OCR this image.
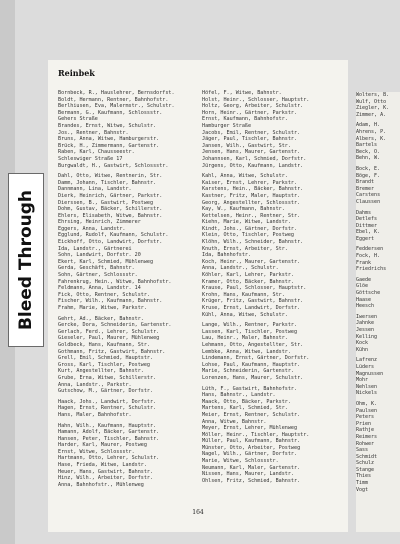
Bleed Through
Reinbek
Bornbeck, R., Hauslehrer, Bernsdorfst.
Boldt, Hermann, Rentner, Bahnhofstr.
Berlhiusen, Eva, Malermstr., Schulstr.
Bermann, G., Kaufmann, Schlossstr.
Gehers Straße
Brandes, Ernst, Witwe, Schulstr.
Jos., Rentner, Bahnstr.
Bruns, Anna, Witwe, Hamburgerstr.
Brück, H., Zimmermann, Gartenstr.
Raben, Karl, Chausseestr.
Schleswiger Straße 17
Burgwaldt, H., Gastwirt, Schlossstr.
Dahl, Otto, Witwe, Rentnerin, Str.
Damm, Johann, Tischler, Bahnstr.
Dannmann, Lina, Landstr.
Dierk, Heinrich, Gärtner, Parkstr.
Dierssen, B., Gastwirt, Postweg
Dohm, Gustav, Bäcker, Schillerstr.
Ehlers, Elisabeth, Witwe, Bahnstr.
Ehrsing, Heinrich, Zimmerer
Eggers, Anna, Landstr.
Egglund, Rudolf, Kaufmann, Schulstr.
Eickhoff, Otto, Landwirt, Dorfstr.
Ida, Landstr., Gärtnerei
Sohn, Landwirt, Dorfstr. 20
Ekert, Karl, Schmied, Mühlenweg
Gerda, Geschäft, Bahnstr.
Sohn, Gärtner, Schlossstr.
Fahrenkrug, Hein., Witwe, Bahnhofstr.
Feldmann, Anna, Landstr. 14
Fick, Otto, Rentner, Schulstr.
Fischer, Wilh., Kaufmann, Bahnstr.
Frahm, Marie, Witwe, Parkstr.
Gehrt, Ad., Bäcker, Bahnstr.
Gercke, Dora, Schneiderin, Gartenstr.
Gerlach, Ferd., Lehrer, Schulstr.
Gieseler, Paul, Maurer, Mühlenweg
Goldbeck, Hans, Kaufmann, Str.
Gothmann, Fritz, Gastwirt, Bahnstr.
Grell, Emil, Schmied, Hauptstr.
Gross, Karl, Tischler, Postweg
Kurt, Angestellter, Bahnstr.
Grube, Erna, Witwe, Schillerstr.
Anna, Landstr., Parkstr.
Gutschow, M., Gärtner, Dorfstr.
Haack, Johs., Landwirt, Dorfstr.
Hagen, Ernst, Rentner, Schulstr.
Hans, Maler, Bahnhofstr.
Hahn, Wilh., Kaufmann, Hauptstr.
Hamann, Adolf, Bäcker, Gartenstr.
Hansen, Peter, Tischler, Bahnstr.
Harder, Karl, Maurer, Postweg
Ernst, Witwe, Schlossstr.
Hartmann, Otto, Lehrer, Schulstr.
Hase, Frieda, Witwe, Landstr.
Heuer, Hans, Gastwirt, Bahnstr.
Hinz, Wilh., Arbeiter, Dorfstr.
Anna, Bahnhofstr., Mühlenweg
Höfel, F., Witwe, Bahnstr.
Holst, Heinr., Schlosser, Hauptstr.
Holtz, Georg, Arbeiter, Schulstr.
Horn, Heinr., Gärtner, Parkstr.
Ernst, Kaufmann, Bahnhofstr.
Hamburger Straße
Jacobs, Emil, Rentner, Schulstr.
Jäger, Paul, Tischler, Bahnstr.
Jansen, Wilh., Gastwirt, Str.
Jensen, Hans, Maurer, Gartenstr.
Johannsen, Karl, Schmied, Dorfstr.
Jürgens, Otto, Kaufmann, Landstr.
Kahl, Anna, Witwe, Schulstr.
Kaiser, Ernst, Lehrer, Parkstr.
Karstens, Hein., Bäcker, Bahnstr.
Kastner, Fritz, Maler, Hauptstr.
Georg, Angestellter, Schlossstr.
Kay, W., Kaufmann, Bahnstr.
Kettelsen, Heinr., Rentner, Str.
Kiehn, Marie, Witwe, Landstr.
Kindt, Johs., Gärtner, Dorfstr.
Klein, Otto, Tischler, Postweg
Klöhn, Wilh., Schneider, Bahnstr.
Knuth, Ernst, Arbeiter, Str.
Ida, Bahnhofstr.
Koch, Heinr., Maurer, Gartenstr.
Anna, Landstr., Schulstr.
Köhler, Karl, Lehrer, Parkstr.
Kramer, Otto, Bäcker, Bahnstr.
Krause, Paul, Schlosser, Hauptstr.
Krohn, Hans, Kaufmann, Str.
Krüger, Fritz, Gastwirt, Bahnstr.
Kruse, Ernst, Landwirt, Dorfstr.
Kühl, Anna, Witwe, Schulstr.
Lange, Wilh., Rentner, Parkstr.
Lassen, Karl, Tischler, Postweg
Lau, Heinr., Maler, Bahnstr.
Lehmann, Otto, Angestellter, Str.
Lembke, Anna, Witwe, Landstr.
Lindemann, Ernst, Gärtner, Dorfstr.
Lohse, Paul, Kaufmann, Hauptstr.
Marie, Schneiderin, Gartenstr.
Lorenzen, Hans, Maurer, Schulstr.
Lüth, F., Gastwirt, Bahnhofstr.
Hans, Bahnstr., Landstr.
Maack, Otto, Bäcker, Parkstr.
Martens, Karl, Schmied, Str.
Meier, Ernst, Rentner, Schulstr.
Anna, Witwe, Bahnstr.
Meyer, Ernst, Lehrer, Mühlenweg
Möller, Heinr., Tischler, Hauptstr.
Müller, Paul, Kaufmann, Bahnstr.
Münster, Otto, Arbeiter, Postweg
Nagel, Wilh., Gärtner, Dorfstr.
Marie, Witwe, Schlossstr.
Neumann, Karl, Maler, Gartenstr.
Nissen, Hans, Maurer, Landstr.
Ohlsen, Fritz, Schmied, Bahnstr.
164
Wolters, B.
Wulf, Otto
Ziegler, K.
Zimmer, A.
Adam, H.
Ahrens, P.
Albers, K.
Bartels
Beck, O.
Behn, W.
Bock, E.
Böge, F.
Brandt
Bremer
Carstens
Claussen
Dahms
Detlefs
Dittmer
Ebel, K.
Eggert
Feddersen
Fock, H.
Frank
Friedrichs
Gaede
Glöe
Göttsche
Haase
Heesch
Iwersen
Jahnke
Jessen
Kelling
Kock
Kühn
Lafrenz
Lüders
Magnussen
Mohr
Nehlsen
Nickels
Ohm, K.
Paulsen
Peters
Prien
Rathje
Reimers
Rohwer
Sass
Schmidt
Schulz
Stange
Thies
Timm
Vogt
